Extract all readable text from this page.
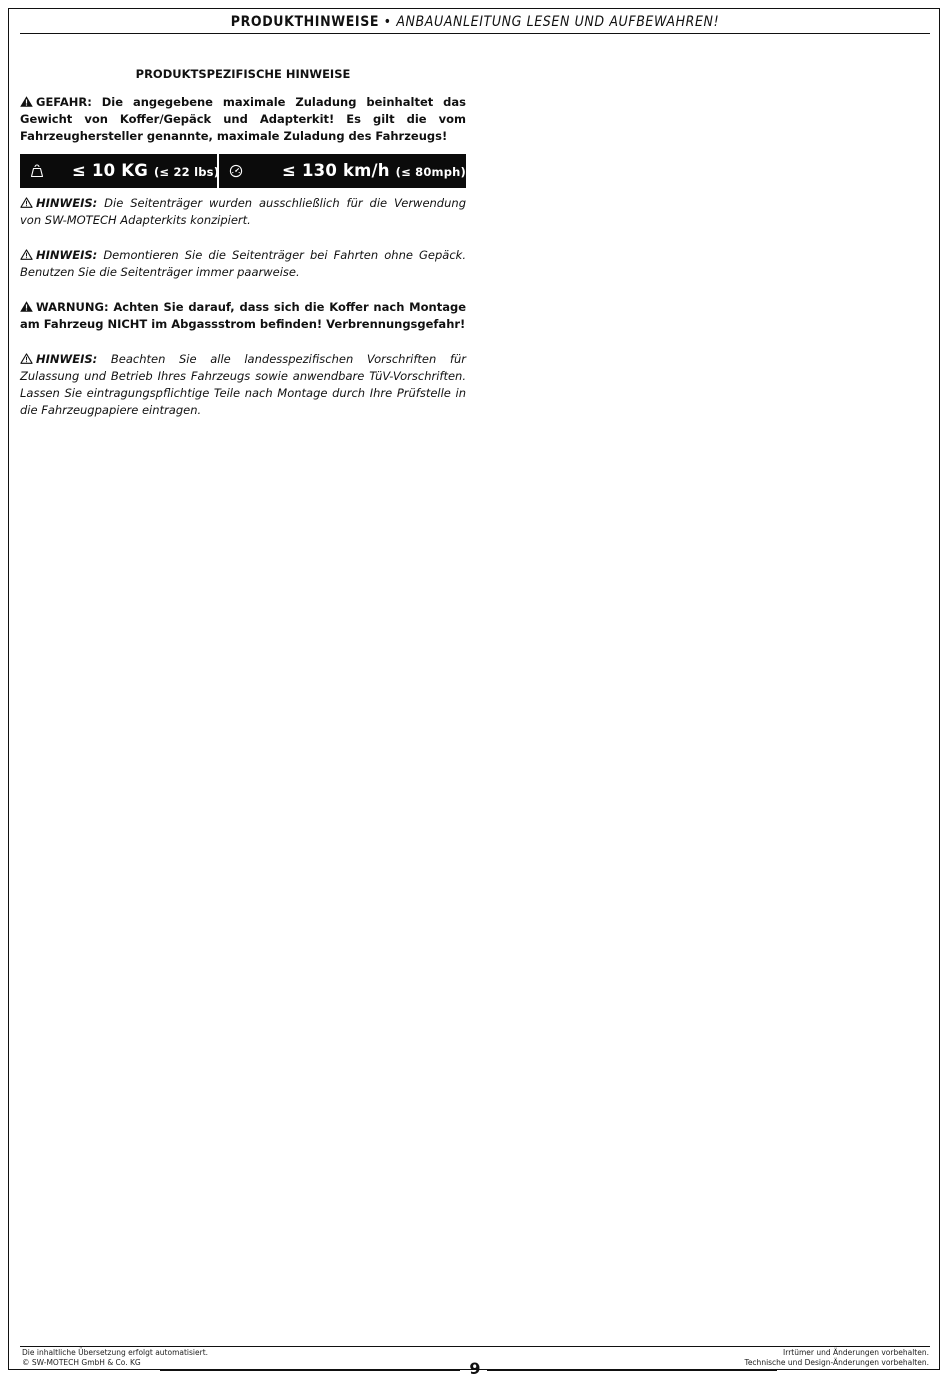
PRODUKTHINWEISE • ANBAUANLEITUNG LESEN UND AUFBEWAHREN!
PRODUKTSPEZIFISCHE HINWEISE

GEFAHR: Die angegebene maximale Zuladung beinhaltet das Gewicht von Koffer/Gepäck und Adapterkit! Es gilt die vom Fahrzeughersteller genannte, maximale Zuladung des Fahrzeugs!

≤ 10 KG (≤ 22 lbs)	≤ 130 km/h (≤ 80mph)

HINWEIS: Die Seitenträger wurden ausschließlich für die Verwendung von SW-MOTECH Adapterkits konzipiert.

HINWEIS: Demontieren Sie die Seitenträger bei Fahrten ohne Gepäck. Benutzen Sie die Seitenträger immer paarweise.

WARNUNG: Achten Sie darauf, dass sich die Koffer nach Montage am Fahrzeug NICHT im Abgassstrom befinden! Verbrennungsgefahr!

HINWEIS: Beachten Sie alle landesspezifischen Vorschriften für Zulassung und Betrieb Ihres Fahrzeugs sowie anwendbare TüV-Vorschriften. Lassen Sie eintragungspflichtige Teile nach Montage durch Ihre Prüfstelle in die Fahrzeugpapiere eintragen.

Die inhaltliche Übersetzung erfolgt automatisiert.
© SW-MOTECH GmbH & Co. KG
Irrtümer und Änderungen vorbehalten.
Technische und Design-Änderungen vorbehalten.
9
